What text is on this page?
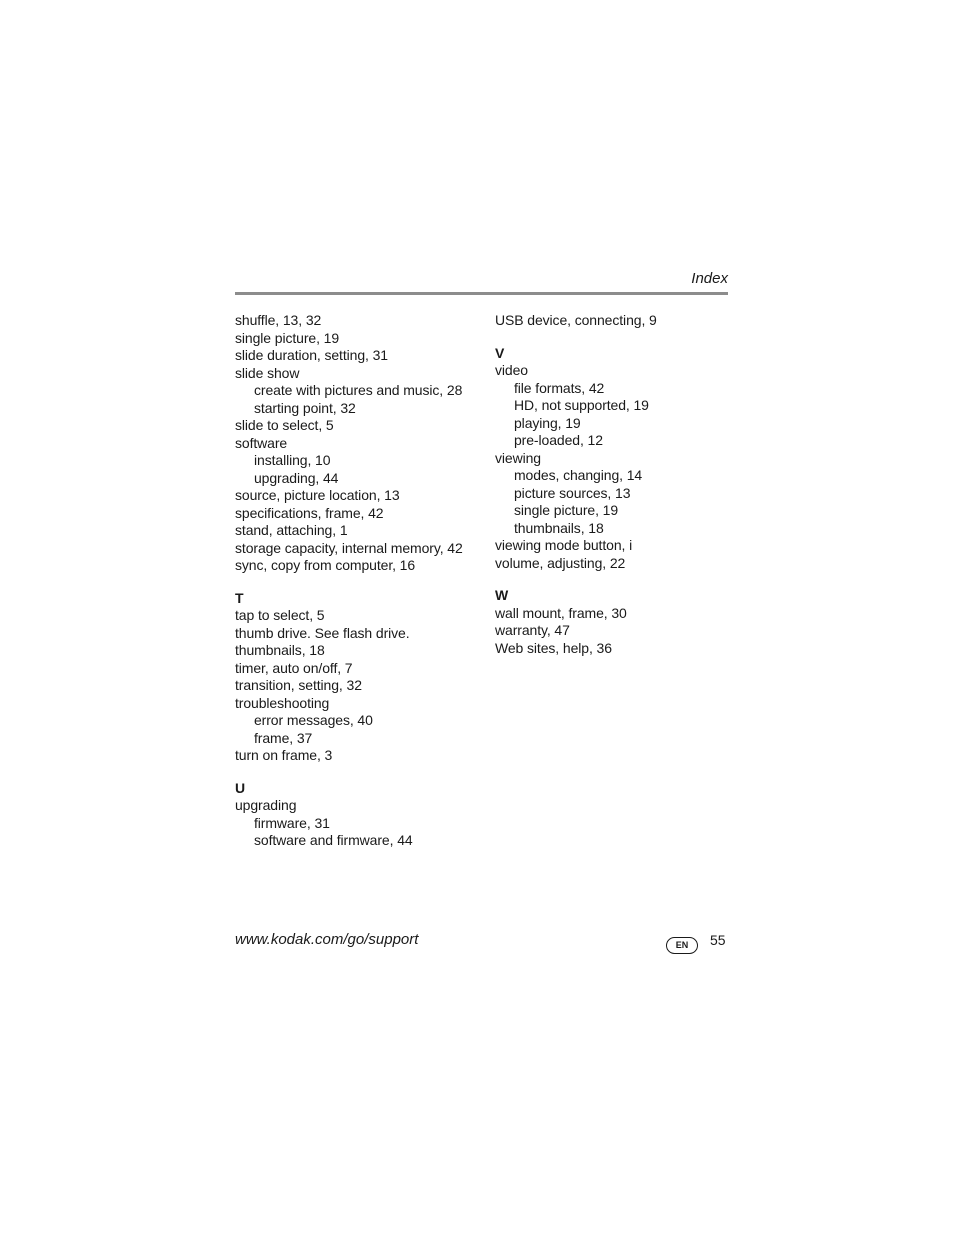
Index
shuffle, 13, 32
single picture, 19
slide duration, setting, 31
slide show
create with pictures and music, 28
starting point, 32
slide to select, 5
software
installing, 10
upgrading, 44
source, picture location, 13
specifications, frame, 42
stand, attaching, 1
storage capacity, internal memory, 42
sync, copy from computer, 16
T
tap to select, 5
thumb drive. See flash drive.
thumbnails, 18
timer, auto on/off, 7
transition, setting, 32
troubleshooting
error messages, 40
frame, 37
turn on frame, 3
U
upgrading
firmware, 31
software and firmware, 44
USB device, connecting, 9
V
video
file formats, 42
HD, not supported, 19
playing, 19
pre-loaded, 12
viewing
modes, changing, 14
picture sources, 13
single picture, 19
thumbnails, 18
viewing mode button, i
volume, adjusting, 22
W
wall mount, frame, 30
warranty, 47
Web sites, help, 36
www.kodak.com/go/support	EN	55
